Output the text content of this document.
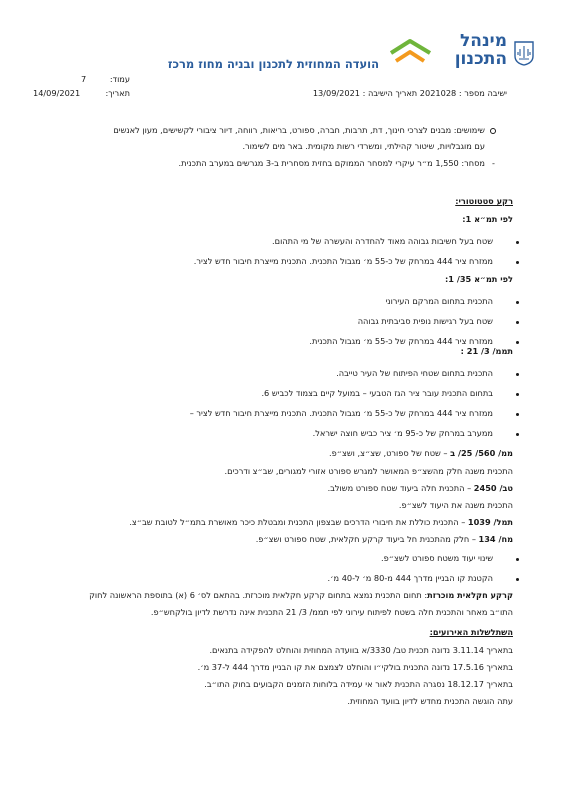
מינהל
התכנון
הועדה המחוזית לתכנון ובניה מחוז מרכז
עמוד:
7
תאריך:
14/09/2021	ישיבה מספר : 2021028 תאריך הישיבה : 13/09/2021
שימושים: מבנים לצרכי חינוך, דת, תרבות, חברה, ספורט, בריאות, רווחה, דיור ציבורי לקשישים, מעון לאנשים
עם מוגבלויות, שיטור קהילתי, ומשרדי רשות מקומית. באר מים לשימור.
-
מסחר: 1,550 מ״ר עיקרי למסחר הממוקם בחזית מסחרית ב-3 מגרשים במערב התכנית.
רקע סטטוטורי:
לפי תמ״א 1:
שטח בעל חשיבות גבוהה מאוד להחדרה והעשרה של מי התהום.
ממזרח ציר 444 במרחק של כ-55 מ׳ מגבול התכנית. התכנית מייצרת חיבור חדש לציר.
לפי תמ״א 35/ 1:
התכנית בתחום המרקם העירוני
שטח בעל רגישות נופית סביבתית גבוהה
ממזרח ציר 444 במרחק של כ-55 מ׳ מגבול התכנית.
תממ/ 3/ 21 :
התכנית בתחום שטחי הפיתוח של העיר טייבה.
בתחום התכנית עובר ציר הגז הטבעי – במועל קיים בצמוד לכביש 6.
ממזרח ציר 444 במרחק של כ-55 מ׳ מגבול התכנית. התכנית מייצרת חיבור חדש לציר –
ממערב במרחק של כ-95 מ׳ ציר כביש חוצה ישראל.
ממ/ 560/ 25/ ב – שטח של ספורט, שצ״צ, ושצ״פ.
התכנית משנה חלק מהשצ״פ המאושר למגרש ספורט אזורי למגורים, שב״צ ודרכים.
טב/ 2450 – התכנית חלה ביעוד שטח ספורט משולב.
התכנית משנה את היעוד לשצ״פ.
תמל/ 1039 – התכנית כוללת את חיבורי הדרכים שבצפון התכנית ומבטלת כיכר מאושרת בתמ״ל לטובת שב״צ.
מח/ 134 – חלק מהתכנית חל ביעוד קרקע חקלאית, שטח ספורט ושצ״פ.
שינוי יעוד משטח ספורט לשצ״פ.
הקטנת קו הבניין מדרך 444 מ-80 מ׳ ל-40 מ׳.
קרקע חקלאית מוכרזת: תחום התכנית נמצא בתחום קרקע חקלאית מוכרזת. בהתאם לס׳ 6 (א) בתוספת הראשונה לחוק
התו״ב מאחר והתכנית חלה בשטח לפיתוח עירוני לפי תממ/ 3/ 21 התכנית אינה נדרשת לדיון בולקחש״פ.
השתלשלות האירועים:
בתאריך 3.11.14 נדונה תכנית טב/ 3330/א בוועדה המחוזית והוחלט להפקידה בתנאים.
בתאריך 17.5.16 נדונה התכנית בולקי״ו והוחלט לצמצם את קו הבניין מדרך 444 ל-37 מ׳.
בתאריך 18.12.17 נסגרה התכנית לאור אי עמידה בלוחות הזמנים הקבועים בחוק התו״ב.
עתה הוגשה התכנית מחדש לדיון בוועד המחוזית.
